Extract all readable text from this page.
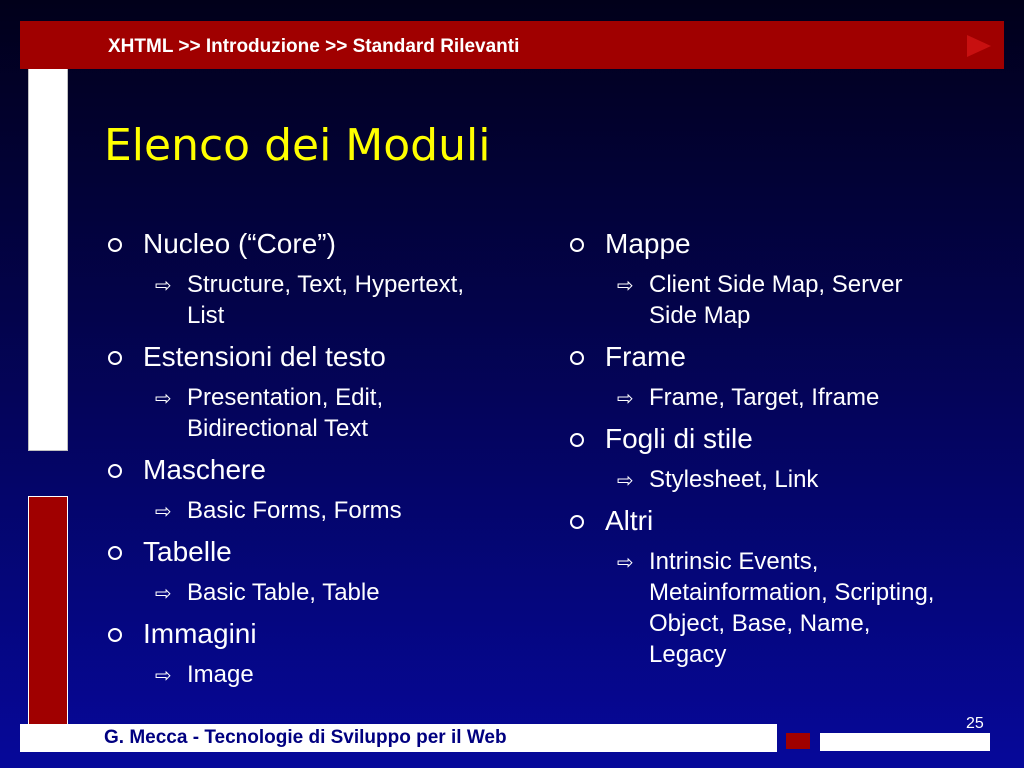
XHTML >> Introduzione >> Standard Rilevanti
Elenco dei Moduli
Nucleo (“Core”)
⇨ Structure, Text, Hypertext,
List
Estensioni del testo
⇨ Presentation, Edit,
Bidirectional Text
Maschere
⇨ Basic Forms, Forms
Tabelle
⇨ Basic Table, Table
Immagini
⇨ Image
Mappe
⇨ Client Side Map, Server
Side Map
Frame
⇨ Frame, Target, Iframe
Fogli di stile
⇨ Stylesheet, Link
Altri
⇨ Intrinsic Events,
Metainformation, Scripting,
Object, Base, Name,
Legacy
G. Mecca - Tecnologie di Sviluppo per il Web
25
